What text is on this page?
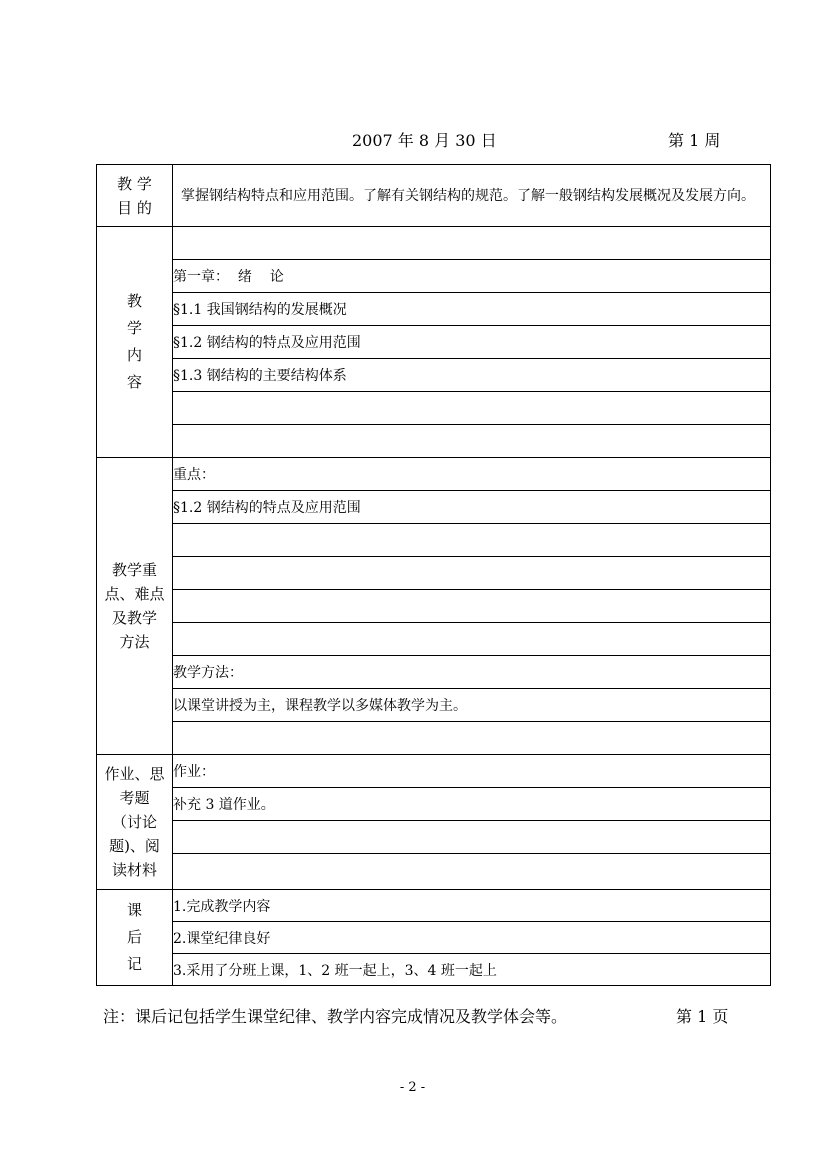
2007 年 8 月 30 日	第 1 周
教 学
目 的	掌握钢结构特点和应用范围。了解有关钢结构的规范。了解一般钢结构发展概况及发展方向。

教
学
内
容	

	第一章：  绪    论
	§1.1 我国钢结构的发展概况
	§1.2 钢结构的特点及应用范围
	§1.3 钢结构的主要结构体系

教学重
点、难点
及教学
方法	重点：
	§1.2 钢结构的特点及应用范围

	教学方法：
	以课堂讲授为主，课程教学以多媒体教学为主。

作业、思
考题
（讨论
题)、阅
读材料	作业：
	补充 3 道作业。

课
后
记	1.完成教学内容
	2.课堂纪律良好
	3.采用了分班上课，1、2 班一起上，3、4 班一起上
注：课后记包括学生课堂纪律、教学内容完成情况及教学体会等。	第 1 页
- 2 -
